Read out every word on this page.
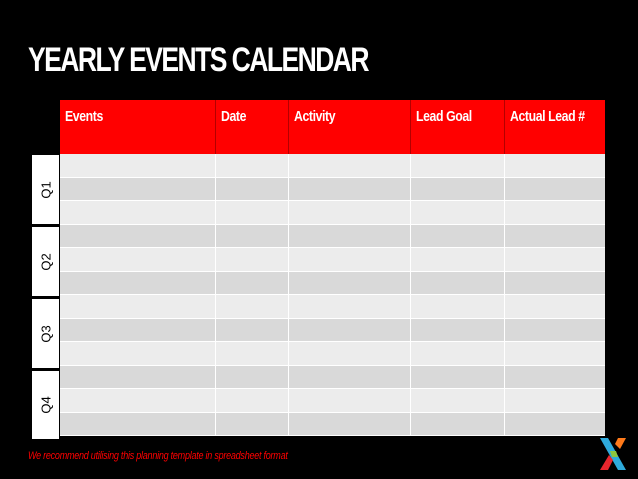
YEARLY EVENTS CALENDAR
Events	Date	Activity	Lead Goal	Actual Lead #
Q1
Q2
Q3
Q4
We recommend utilising this planning template in spreadsheet format
